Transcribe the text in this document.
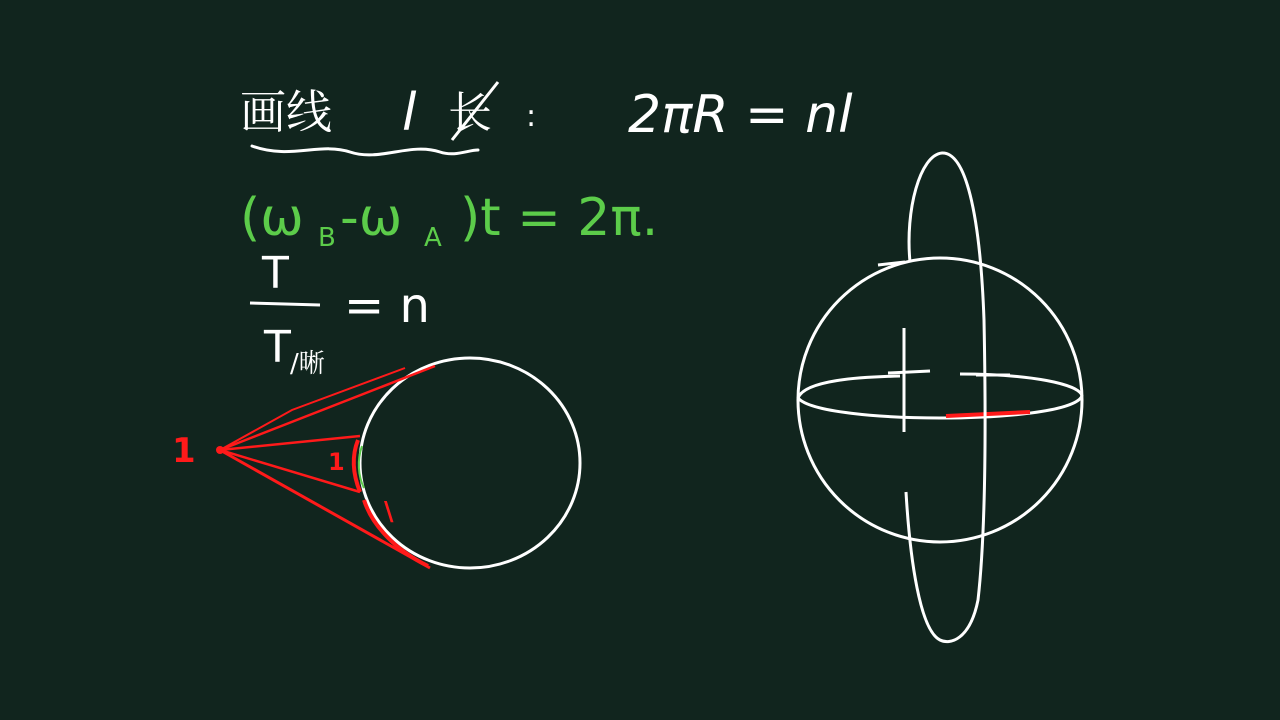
画线 l 长 : 2πR = nl
(ω B -ω A )t = 2π.
T
T /晰
= n
1	1
\
